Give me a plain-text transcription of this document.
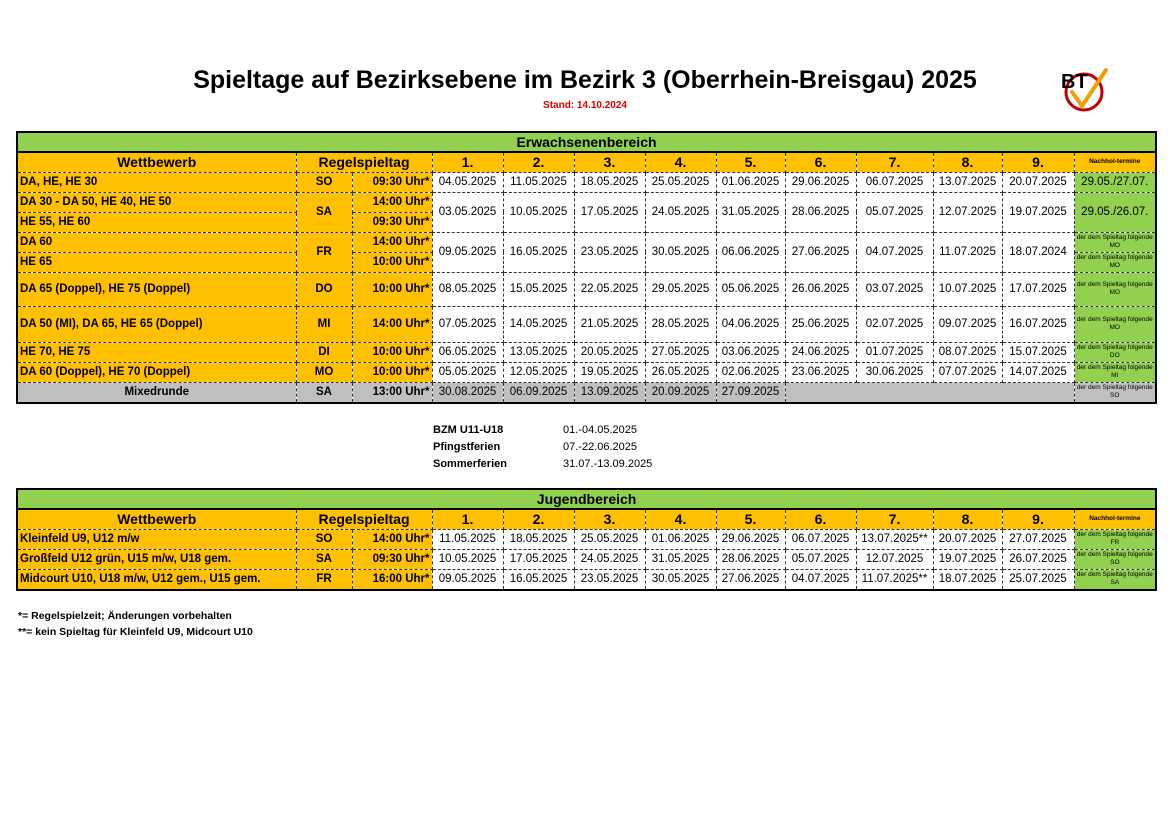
Spieltage auf Bezirksebene im Bezirk 3 (Oberrhein-Breisgau) 2025
Stand: 14.10.2024
BT
Erwachsenenbereich												
Wettbewerb	Regelspieltag		1.	2.	3.	4.	5.	6.	7.	8.	9.	Nachhol-termine
DA, HE, HE 30	SO	09:30 Uhr*	04.05.2025	11.05.2025	18.05.2025	25.05.2025	01.06.2025	29.06.2025	06.07.2025	13.07.2025	20.07.2025	29.05./27.07.
DA 30 - DA 50, HE 40, HE 50	SA	14:00 Uhr*	03.05.2025	10.05.2025	17.05.2025	24.05.2025	31.05.2025	28.06.2025	05.07.2025	12.07.2025	19.07.2025	29.05./26.07.
HE 55, HE 60		09:30 Uhr*										
DA 60	FR	14:00 Uhr*	09.05.2025	16.05.2025	23.05.2025	30.05.2025	06.06.2025	27.06.2025	04.07.2025	11.07.2025	18.07.2024	der dem Spieltag folgende MO
HE 65		10:00 Uhr*										der dem Spieltag folgende MO
DA 65 (Doppel), HE 75 (Doppel)	DO	10:00 Uhr*	08.05.2025	15.05.2025	22.05.2025	29.05.2025	05.06.2025	26.06.2025	03.07.2025	10.07.2025	17.07.2025	der dem Spieltag folgende MO
DA 50 (MI), DA 65, HE 65 (Doppel)	MI	14:00 Uhr*	07.05.2025	14.05.2025	21.05.2025	28.05.2025	04.06.2025	25.06.2025	02.07.2025	09.07.2025	16.07.2025	der dem Spieltag folgende MO
HE 70, HE 75	DI	10:00 Uhr*	06.05.2025	13.05.2025	20.05.2025	27.05.2025	03.06.2025	24.06.2025	01.07.2025	08.07.2025	15.07.2025	der dem Spieltag folgende DO
DA 60 (Doppel), HE 70 (Doppel)	MO	10:00 Uhr*	05.05.2025	12.05.2025	19.05.2025	26.05.2025	02.06.2025	23.06.2025	30.06.2025	07.07.2025	14.07.2025	der dem Spieltag folgende MI
Mixedrunde	SA	13:00 Uhr*	30.08.2025	06.09.2025	13.09.2025	20.09.2025	27.09.2025					der dem Spieltag folgende SO
BZM U11-U18	01.-04.05.2025
Pfingstferien	07.-22.06.2025
Sommerferien	31.07.-13.09.2025
Jugendbereich												
Wettbewerb	Regelspieltag		1.	2.	3.	4.	5.	6.	7.	8.	9.	Nachhol-termine
Kleinfeld U9, U12 m/w	SO	14:00 Uhr*	11.05.2025	18.05.2025	25.05.2025	01.06.2025	29.06.2025	06.07.2025	13.07.2025**	20.07.2025	27.07.2025	der dem Spieltag folgende FR
Großfeld U12 grün, U15 m/w, U18 gem.	SA	09:30 Uhr*	10.05.2025	17.05.2025	24.05.2025	31.05.2025	28.06.2025	05.07.2025	12.07.2025	19.07.2025	26.07.2025	der dem Spieltag folgende SO
Midcourt U10, U18 m/w, U12 gem., U15 gem.	FR	16:00 Uhr*	09.05.2025	16.05.2025	23.05.2025	30.05.2025	27.06.2025	04.07.2025	11.07.2025**	18.07.2025	25.07.2025	der dem Spieltag folgende SA
*= Regelspielzeit; Änderungen vorbehalten
**= kein Spieltag für Kleinfeld U9, Midcourt U10
